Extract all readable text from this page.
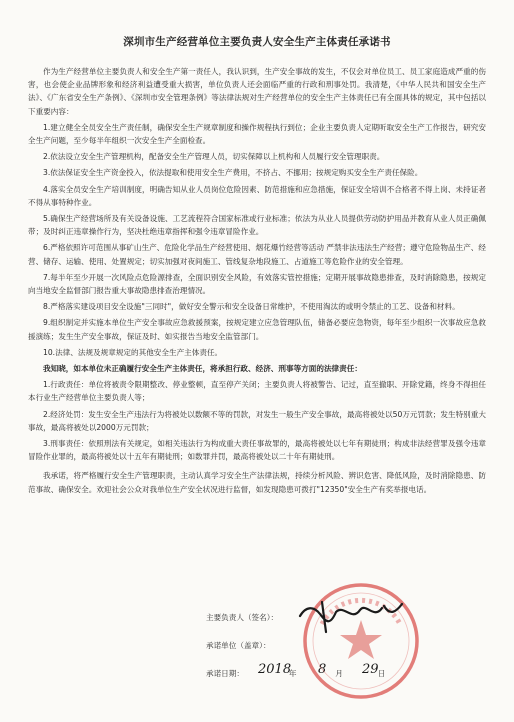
深圳市生产经营单位主要负责人安全生产主体责任承诺书

作为生产经营单位主要负责人和安全生产第一责任人，我认识到，生产安全事故的发生，不仅会对单位员工、员工家庭造成严重的伤害，也会使企业品牌形象和经济利益遭受重大损害，单位负责人还会面临严重的行政和刑事处罚。我清楚，《中华人民共和国安全生产法》、《广东省安全生产条例》、《深圳市安全管理条例》等法律法规对生产经营单位的安全生产主体责任已有全面具体的规定，其中包括以下重要内容：

1.建立健全全员安全生产责任制，确保安全生产规章制度和操作规程执行到位；企业主要负责人定期听取安全生产工作报告，研究安全生产问题，至少每半年组织一次安全生产全面检查。

2.依法设立安全生产管理机构，配备安全生产管理人员，切实保障以上机构和人员履行安全管理职责。

3.依法保证安全生产资金投入，依法提取和使用安全生产费用，不挤占、不挪用；按规定购买安全生产责任保险。

4.落实全员安全生产培训制度，明确告知从业人员岗位危险因素、防范措施和应急措施，保证安全培训不合格者不得上岗、未持证者不得从事特种作业。

5.确保生产经营场所及有关设备设施、工艺流程符合国家标准或行业标准；依法为从业人员提供劳动防护用品并教育从业人员正确佩带；及时纠正违章操作行为，坚决杜绝违章指挥和强令违章冒险作业。

6.严格依照许可范围从事矿山生产、危险化学品生产经营使用、烟花爆竹经营等活动 严禁非法违法生产经营；遵守危险物品生产、经营、储存、运输、使用、处置规定；切实加强对夜间施工、管线复杂地段施工、占道施工等危险作业的安全管理。

7.每半年至少开展一次风险点危险源排查，全面识别安全风险，有效落实管控措施；定期开展事故隐患排查，及时消除隐患，按规定向当地安全监督部门报告重大事故隐患排查治理情况。

8.严格落实建设项目安全设施"三同时"，做好安全警示和安全设备日常维护，不使用淘汰的或明令禁止的工艺、设备和材料。

9.组织制定并实施本单位生产安全事故应急救援预案，按规定建立应急管理队伍，储备必要应急物资，每年至少组织一次事故应急救援演练；发生生产安全事故，保证及时、如实报告当地安全监管部门。

10.法律、法规及规章规定的其他安全生产主体责任。

我知晓，如本单位未正确履行安全生产主体责任，将承担行政、经济、刑事等方面的法律责任：

1.行政责任：单位将被责令限期整改、停业整顿，直至停产关闭；主要负责人将被警告、记过，直至撤职、开除党籍，终身不得担任本行业生产经营单位主要负责人等；

2.经济处罚：发生安全生产违法行为将被处以数额不等的罚款，对发生一般生产安全事故，最高将被处以50万元罚款；发生特别重大事故，最高将被处以2000万元罚款；

3.刑事责任：依照刑法有关规定，如相关违法行为构成重大责任事故罪的，最高将被处以七年有期徒刑；构成非法经营罪及强令违章冒险作业罪的，最高将被处以十五年有期徒刑；如数罪并罚，最高将被处以二十年有期徒刑。

我承诺，将严格履行安全生产管理职责，主动认真学习安全生产法律法规，持续分析风险、辨识危害、降低风险，及时消除隐患、防范事故、确保安全。欢迎社会公众对我单位生产安全状况进行监督，如发现隐患可拨打"12350"安全生产有奖举报电话。

主要负责人（签名）：
承诺单位（盖章）：
承诺日期：	年	月	日
2018 8	29
